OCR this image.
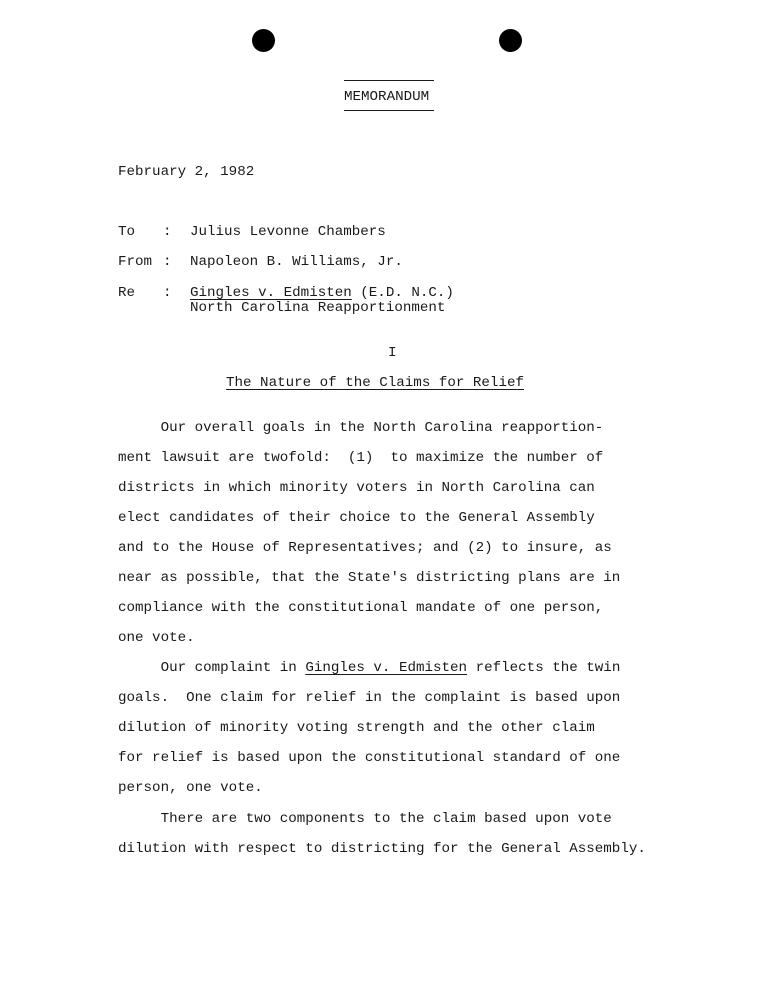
MEMORANDUM
February 2, 1982
To : Julius Levonne Chambers
From : Napoleon B. Williams, Jr.
Re : Gingles v. Edmisten (E.D. N.C.)
North Carolina Reapportionment
I
The Nature of the Claims for Relief
Our overall goals in the North Carolina reapportion-
ment lawsuit are twofold:  (1)  to maximize the number of
districts in which minority voters in North Carolina can
elect candidates of their choice to the General Assembly
and to the House of Representatives; and (2) to insure, as
near as possible, that the State's districting plans are in
compliance with the constitutional mandate of one person,
one vote.
Our complaint in Gingles v. Edmisten reflects the twin
goals.  One claim for relief in the complaint is based upon
dilution of minority voting strength and the other claim
for relief is based upon the constitutional standard of one
person, one vote.
There are two components to the claim based upon vote
dilution with respect to districting for the General Assembly.
